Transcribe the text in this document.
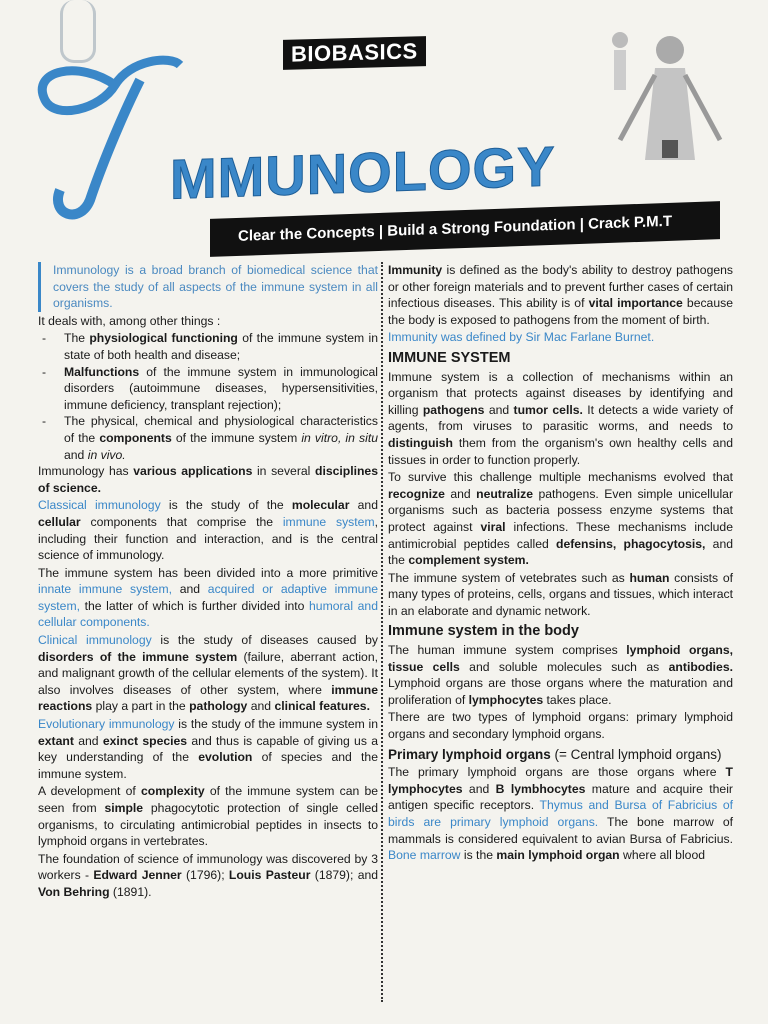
BIOBASICS
MMUNOLOGY
Clear the Concepts | Build a Strong Foundation | Crack P.M.T

Immunology is a broad branch of biomedical science that covers the study of all aspects of the immune system in all organisms.

It deals with, among other things :

- The physiological functioning of the immune system in state of both health and disease;
- Malfunctions of the immune system in immunological disorders (autoimmune diseases, hypersensitivities, immune deficiency, transplant rejection);
- The physical, chemical and physiological characteristics of the components of the immune system in vitro, in situ and in vivo.

Immunology has various applications in several disciplines of science.

Classical immunology is the study of the molecular and cellular components that comprise the immune system, including their function and interaction, and is the central science of immunology.

The immune system has been divided into a more primitive innate immune system, and acquired or adaptive immune system, the latter of which is further divided into humoral and cellular components.

Clinical immunology is the study of diseases caused by disorders of the immune system (failure, aberrant action, and malignant growth of the cellular elements of the system). It also involves diseases of other system, where immune reactions play a part in the pathology and clinical features.

Evolutionary immunology is the study of the immune system in extant and exinct species and thus is capable of giving us a key understanding of the evolution of species and the immune system.

A development of complexity of the immune system can be seen from simple phagocytotic protection of single celled organisms, to circulating antimicrobial peptides in insects to lymphoid organs in vertebrates.

The foundation of science of immunology was discovered by 3 workers - Edward Jenner (1796); Louis Pasteur (1879); and Von Behring (1891).

Immunity is defined as the body's ability to destroy pathogens or other foreign materials and to prevent further cases of certain infectious diseases. This ability is of vital importance because the body is exposed to pathogens from the moment of birth.

Immunity was defined by Sir Mac Farlane Burnet.

IMMUNE SYSTEM

Immune system is a collection of mechanisms within an organism that protects against diseases by identifying and killing pathogens and tumor cells. It detects a wide variety of agents, from viruses to parasitic worms, and needs to distinguish them from the organism's own healthy cells and tissues in order to function properly.

To survive this challenge multiple mechanisms evolved that recognize and neutralize pathogens. Even simple unicellular organisms such as bacteria possess enzyme systems that protect against viral infections. These mechanisms include antimicrobial peptides called defensins, phagocytosis, and the complement system.

The immune system of vetebrates such as human consists of many types of proteins, cells, organs and tissues, which interact in an elaborate and dynamic network.

Immune system in the body

The human immune system comprises lymphoid organs, tissue cells and soluble molecules such as antibodies. Lymphoid organs are those organs where the maturation and proliferation of lymphocytes takes place.

There are two types of lymphoid organs: primary lymphoid organs and secondary lymphoid organs.

Primary lymphoid organs (= Central lymphoid organs)

The primary lymphoid organs are those organs where T lymphocytes and B lymbhocytes mature and acquire their antigen specific receptors. Thymus and Bursa of Fabricius of birds are primary lymphoid organs. The bone marrow of mammals is considered equivalent to avian Bursa of Fabricius. Bone marrow is the main lymphoid organ where all blood
